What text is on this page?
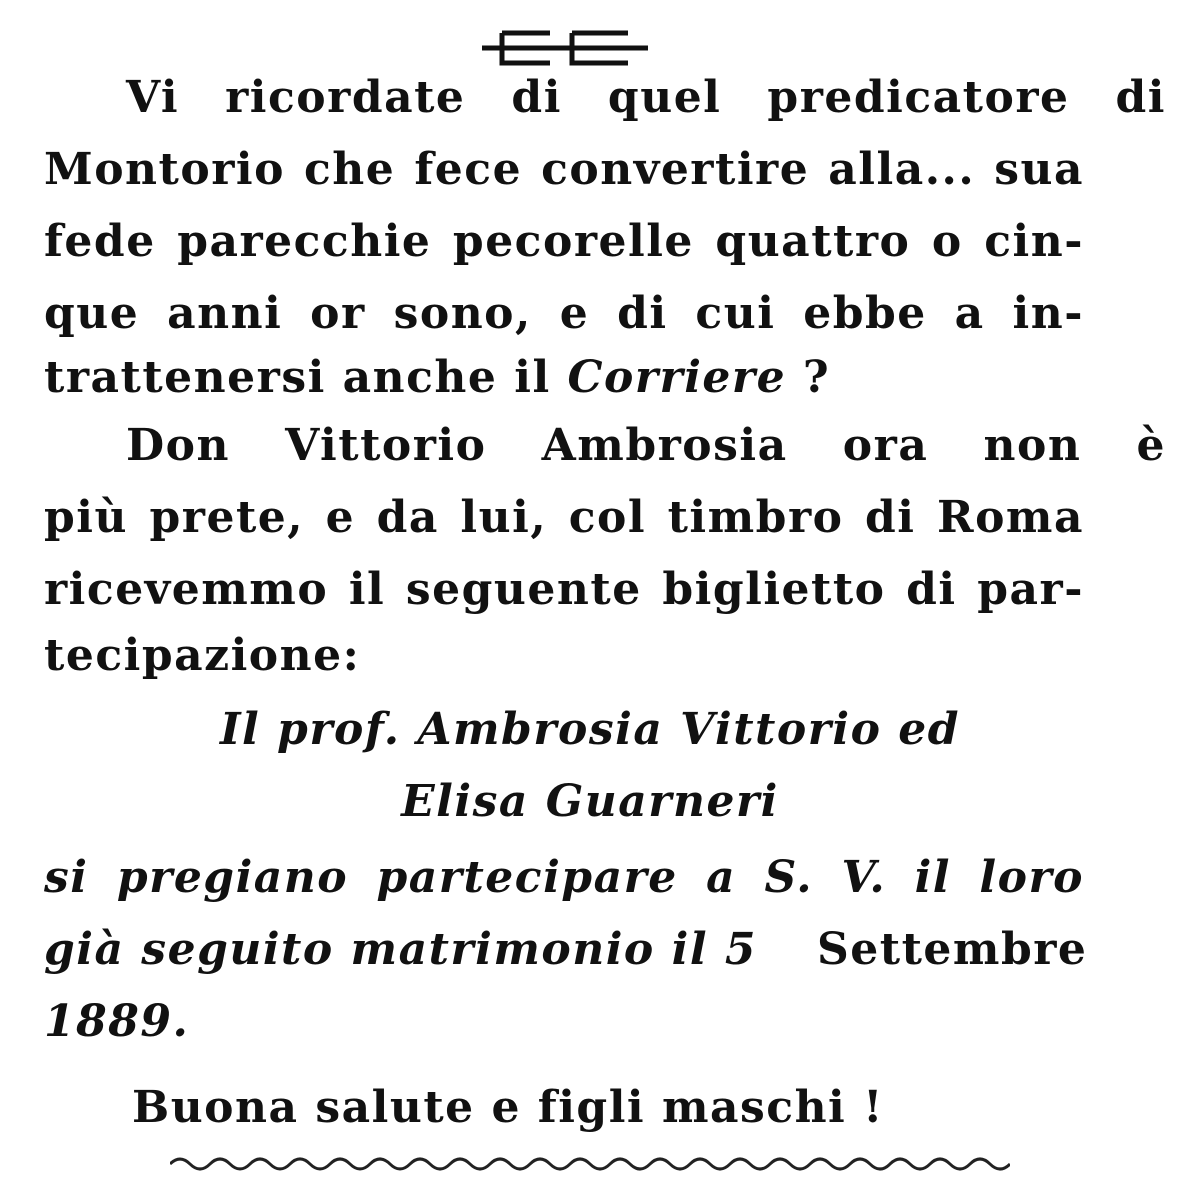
Vi ricordate di quel predicatore di
Montorio che fece convertire alla... sua
fede parecchie pecorelle quattro o cin-
que anni or sono, e di cui ebbe a in-
trattenersi anche il Corriere ?
Don Vittorio Ambrosia ora non è
più prete, e da lui, col timbro di Roma
ricevemmo il seguente biglietto di par-
tecipazione:
Il prof. Ambrosia Vittorio ed
Elisa Guarneri
si pregiano partecipare a S. V. il loro
già seguito matrimonio il 5 Settembre
1889.
Buona salute e figli maschi !
